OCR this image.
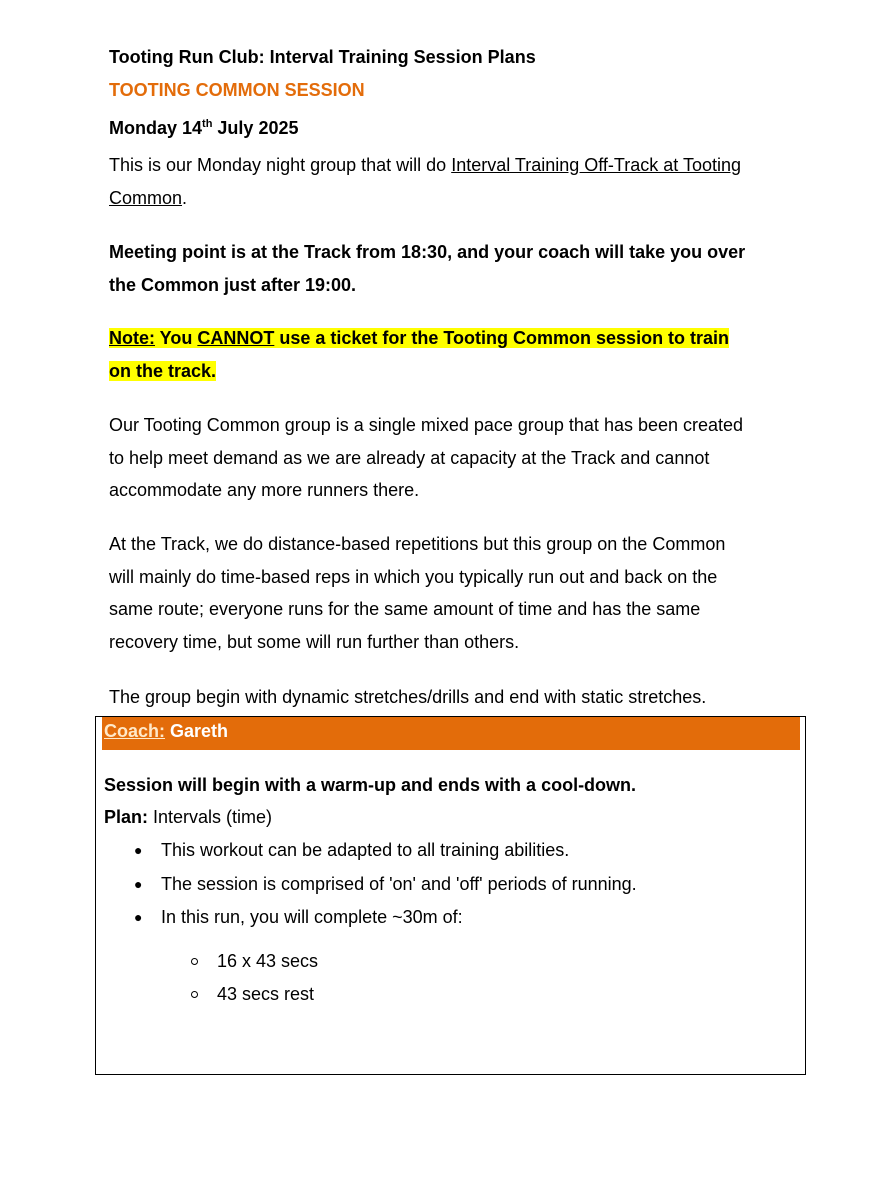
Tooting Run Club: Interval Training Session Plans
TOOTING COMMON SESSION
Monday 14th July 2025
This is our Monday night group that will do Interval Training Off-Track at Tooting
Common.
Meeting point is at the Track from 18:30, and your coach will take you over
the Common just after 19:00.
Note: You CANNOT use a ticket for the Tooting Common session to train
on the track.
Our Tooting Common group is a single mixed pace group that has been created
to help meet demand as we are already at capacity at the Track and cannot
accommodate any more runners there.
At the Track, we do distance-based repetitions but this group on the Common
will mainly do time-based reps in which you typically run out and back on the
same route; everyone runs for the same amount of time and has the same
recovery time, but some will run further than others.
The group begin with dynamic stretches/drills and end with static stretches.
Coach: Gareth
Session will begin with a warm-up and ends with a cool-down.
Plan: Intervals (time)
● This workout can be adapted to all training abilities.
● The session is comprised of 'on' and 'off' periods of running.
● In this run, you will complete ~30m of:
16 x 43 secs
43 secs rest
